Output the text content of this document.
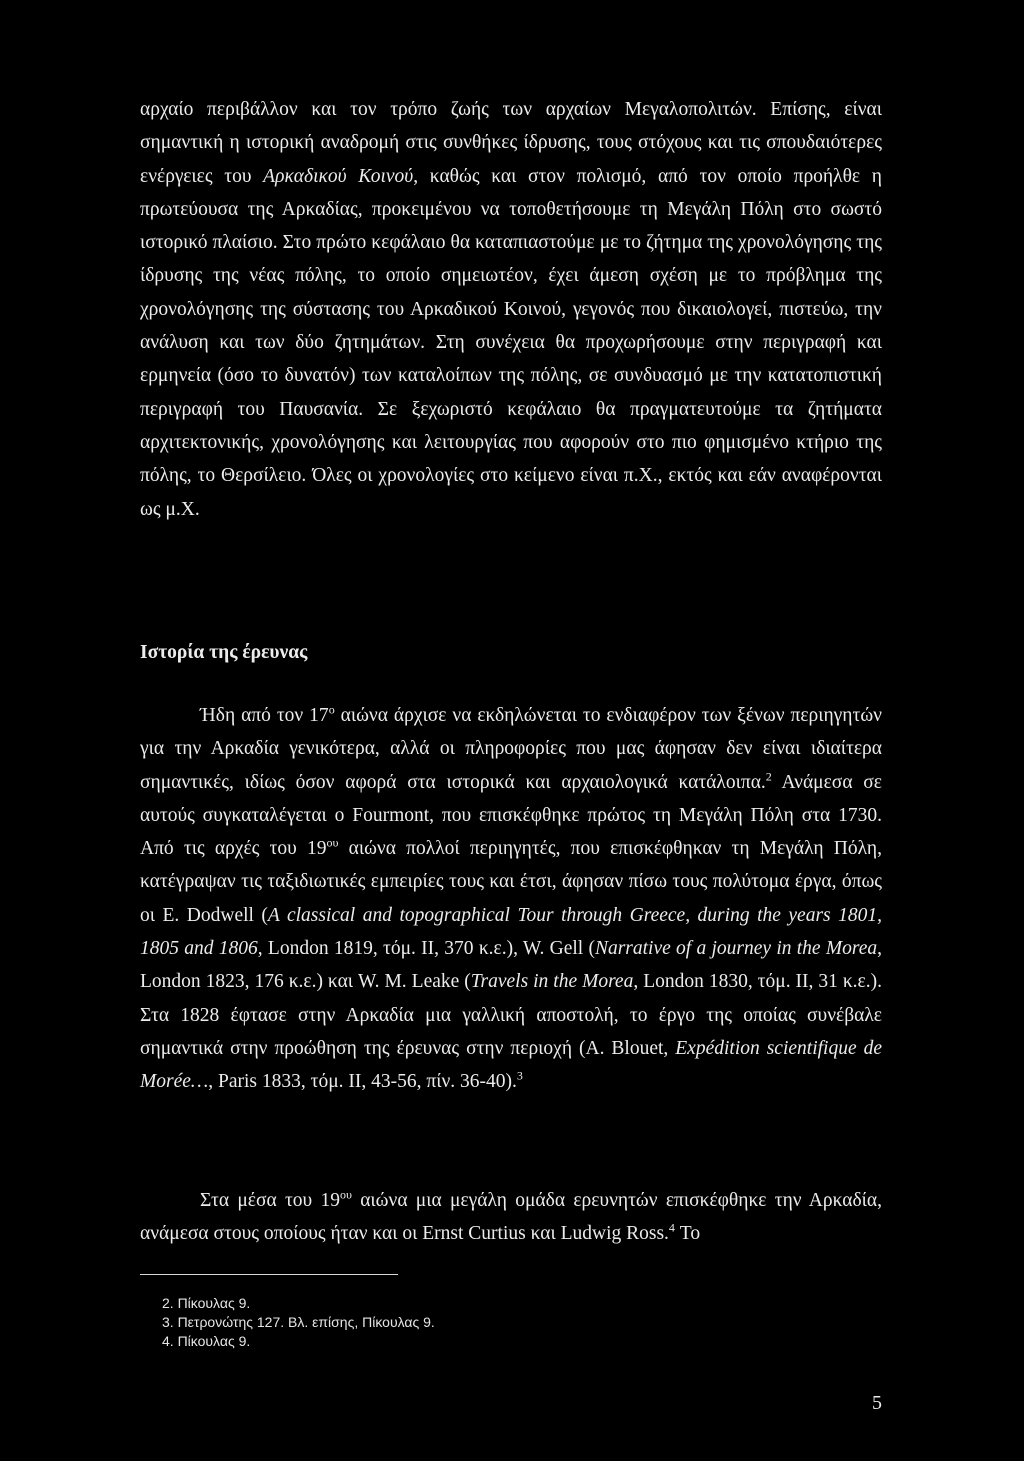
αρχαίο περιβάλλον και τον τρόπο ζωής των αρχαίων Μεγαλοπολιτών. Επίσης, είναι σημαντική η ιστορική αναδρομή στις συνθήκες ίδρυσης, τους στόχους και τις σπουδαιότερες ενέργειες του Αρκαδικού Κοινού, καθώς και στον πολισμό, από τον οποίο προήλθε η πρωτεύουσα της Αρκαδίας, προκειμένου να τοποθετήσουμε τη Μεγάλη Πόλη στο σωστό ιστορικό πλαίσιο. Στο πρώτο κεφάλαιο θα καταπιαστούμε με το ζήτημα της χρονολόγησης της ίδρυσης της νέας πόλης, το οποίο σημειωτέον, έχει άμεση σχέση με το πρόβλημα της χρονολόγησης της σύστασης του Αρκαδικού Κοινού, γεγονός που δικαιολογεί, πιστεύω, την ανάλυση και των δύο ζητημάτων. Στη συνέχεια θα προχωρήσουμε στην περιγραφή και ερμηνεία (όσο το δυνατόν) των καταλοίπων της πόλης, σε συνδυασμό με την κατατοπιστική περιγραφή του Παυσανία. Σε ξεχωριστό κεφάλαιο θα πραγματευτούμε τα ζητήματα αρχιτεκτονικής, χρονολόγησης και λειτουργίας που αφορούν στο πιο φημισμένο κτήριο της πόλης, το Θερσίλειο. Όλες οι χρονολογίες στο κείμενο είναι π.Χ., εκτός και εάν αναφέρονται ως μ.Χ.

Ιστορία της έρευνας

Ήδη από τον $17^o$ αιώνα άρχισε να εκδηλώνεται το ενδιαφέρον των ξένων περιηγητών για την Αρκαδία γενικότερα, αλλά οι πληροφορίες που μας άφησαν δεν είναι ιδιαίτερα σημαντικές, ιδίως όσον αφορά στα ιστορικά και αρχαιολογικά κατάλοιπα.$^2$ Ανάμεσα σε αυτούς συγκαταλέγεται ο Fourmont, που επισκέφθηκε πρώτος τη Μεγάλη Πόλη στα 1730. Από τις αρχές του $19^{o\upsilon}$ αιώνα πολλοί περιηγητές, που επισκέφθηκαν τη Μεγάλη Πόλη, κατέγραψαν τις ταξιδιωτικές εμπειρίες τους και έτσι, άφησαν πίσω τους πολύτομα έργα, όπως οι E. Dodwell (A classical and topographical Tour through Greece, during the years 1801, 1805 and 1806, London 1819, τόμ. II, 370 κ.ε.), W. Gell (Narrative of a journey in the Morea, London 1823, 176 κ.ε.) και W. M. Leake (Travels in the Morea, London 1830, τόμ. II, 31 κ.ε.). Στα 1828 έφτασε στην Αρκαδία μια γαλλική αποστολή, το έργο της οποίας συνέβαλε σημαντικά στην προώθηση της έρευνας στην περιοχή (A. Blouet, Expédition scientifique de Morée…, Paris 1833, τόμ. II, 43-56, πίν. 36-40).$^3$

Στα μέσα του $19^{o\upsilon}$ αιώνα μια μεγάλη ομάδα ερευνητών επισκέφθηκε την Αρκαδία, ανάμεσα στους οποίους ήταν και οι Ernst Curtius και Ludwig Ross.$^4$ Το

2. Πίκουλας 9.
3. Πετρονώτης 127. Βλ. επίσης, Πίκουλας 9.
4. Πίκουλας 9.
5
